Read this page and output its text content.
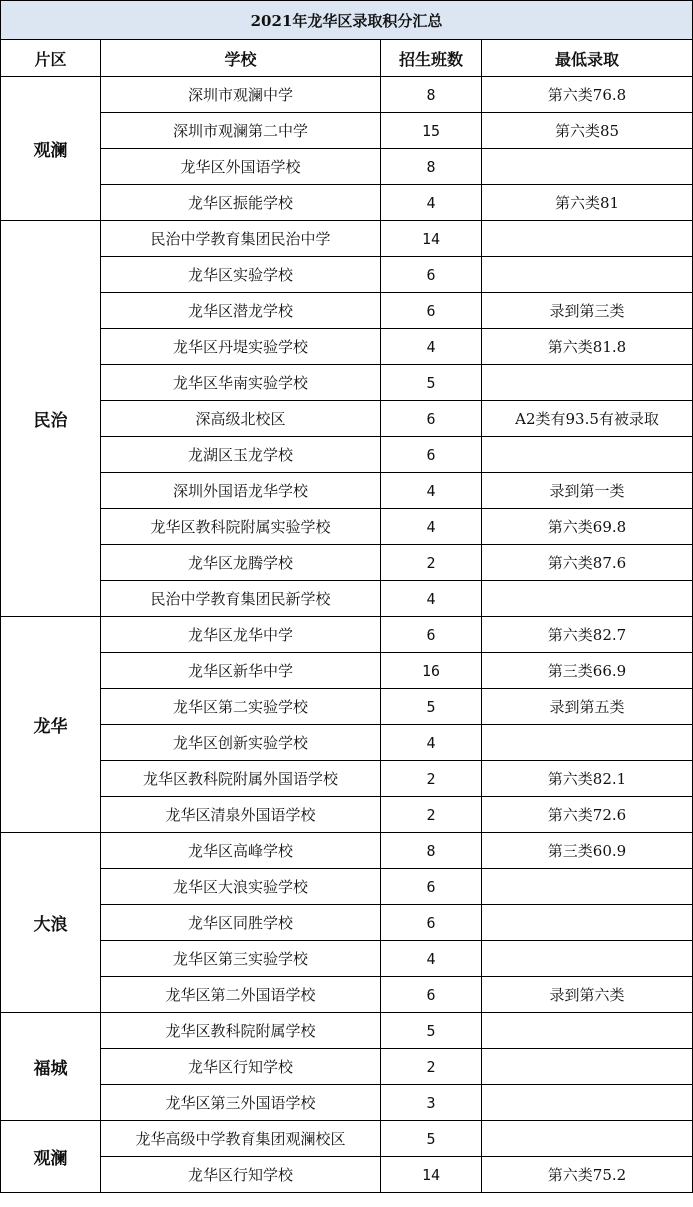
2021年龙华区录取积分汇总			
片区	学校	招生班数	最低录取
观澜	深圳市观澜中学	8	第六类76.8
	深圳市观澜第二中学	15	第六类85
	龙华区外国语学校	8	
	龙华区振能学校	4	第六类81
民治	民治中学教育集团民治中学	14	
	龙华区实验学校	6	
	龙华区潜龙学校	6	录到第三类
	龙华区丹堤实验学校	4	第六类81.8
	龙华区华南实验学校	5	
	深高级北校区	6	A2类有93.5有被录取
	龙湖区玉龙学校	6	
	深圳外国语龙华学校	4	录到第一类
	龙华区教科院附属实验学校	4	第六类69.8
	龙华区龙腾学校	2	第六类87.6
	民治中学教育集团民新学校	4	
龙华	龙华区龙华中学	6	第六类82.7
	龙华区新华中学	16	第三类66.9
	龙华区第二实验学校	5	录到第五类
	龙华区创新实验学校	4	
	龙华区教科院附属外国语学校	2	第六类82.1
	龙华区清泉外国语学校	2	第六类72.6
大浪	龙华区高峰学校	8	第三类60.9
	龙华区大浪实验学校	6	
	龙华区同胜学校	6	
	龙华区第三实验学校	4	
	龙华区第二外国语学校	6	录到第六类
福城	龙华区教科院附属学校	5	
	龙华区行知学校	2	
	龙华区第三外国语学校	3	
观澜	龙华高级中学教育集团观澜校区	5	
	龙华区行知学校	14	第六类75.2
